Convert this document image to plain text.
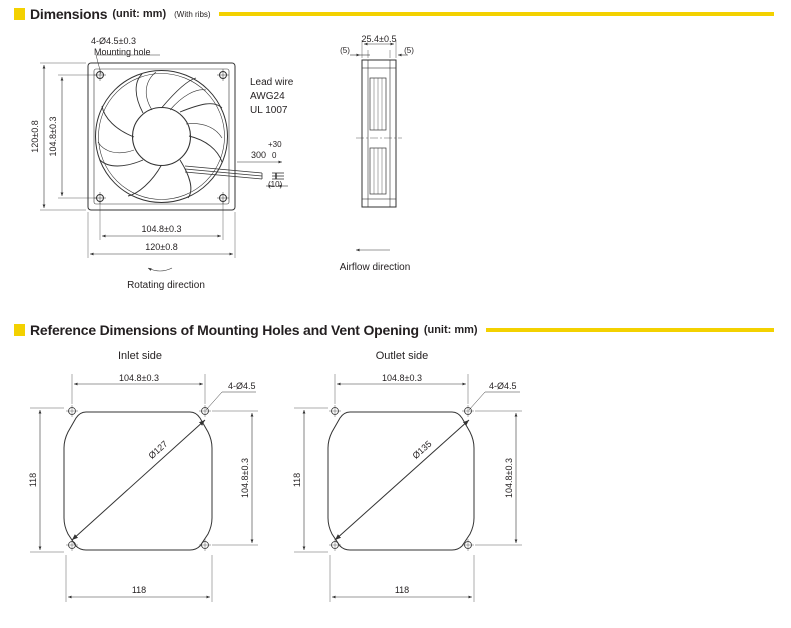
Dimensions (unit: mm) (With ribs)
Reference Dimensions of Mounting Holes and Vent Opening (unit: mm)
4-Ø4.5±0.3
Mounting hole
120±0.8 104.8±0.3
104.8±0.3
120±0.8
Rotating direction
Lead wire
AWG24
UL 1007
+30
300 0
(10)
25.4±0.5
(5)	(5)
Airflow direction
Inlet side
104.8±0.3
4-Ø4.5
Ø127
118	104.8±0.3
118
Outlet side
104.8±0.3
4-Ø4.5
Ø135
118	104.8±0.3
118
